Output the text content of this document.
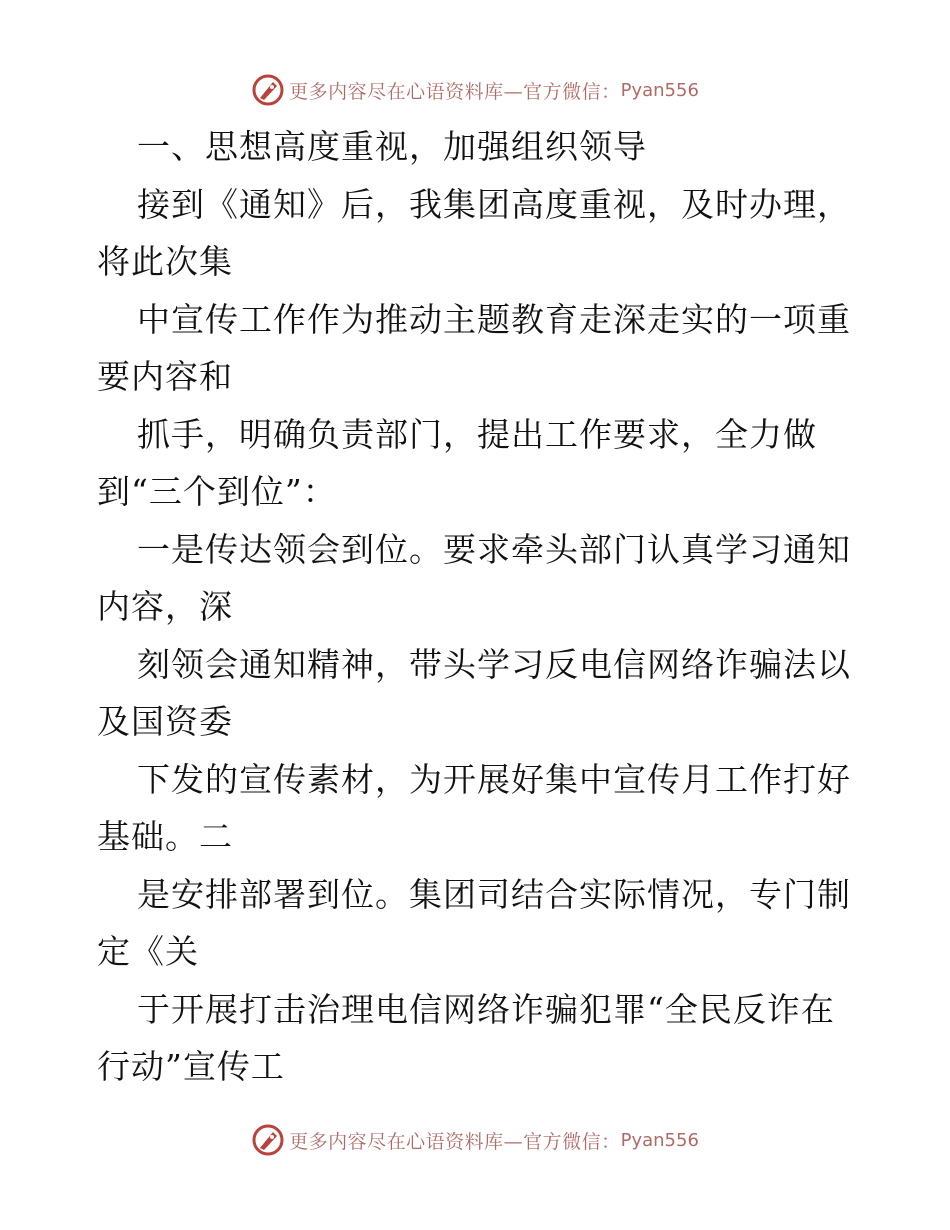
更多内容尽在心语资料库—官方微信： Pyan556
一、思想高度重视，加强组织领导
接到《通知》后，我集团高度重视，及时办理，
将此次集
中宣传工作作为推动主题教育走深走实的一项重
要内容和
抓手，明确负责部门，提出工作要求，全力做
到“三个到位”：
一是传达领会到位。要求牵头部门认真学习通知
内容，深
刻领会通知精神，带头学习反电信网络诈骗法以
及国资委
下发的宣传素材，为开展好集中宣传月工作打好
基础。二
是安排部署到位。集团司结合实际情况，专门制
定《关
于开展打击治理电信网络诈骗犯罪“全民反诈在
行动”宣传工
更多内容尽在心语资料库—官方微信： Pyan556
